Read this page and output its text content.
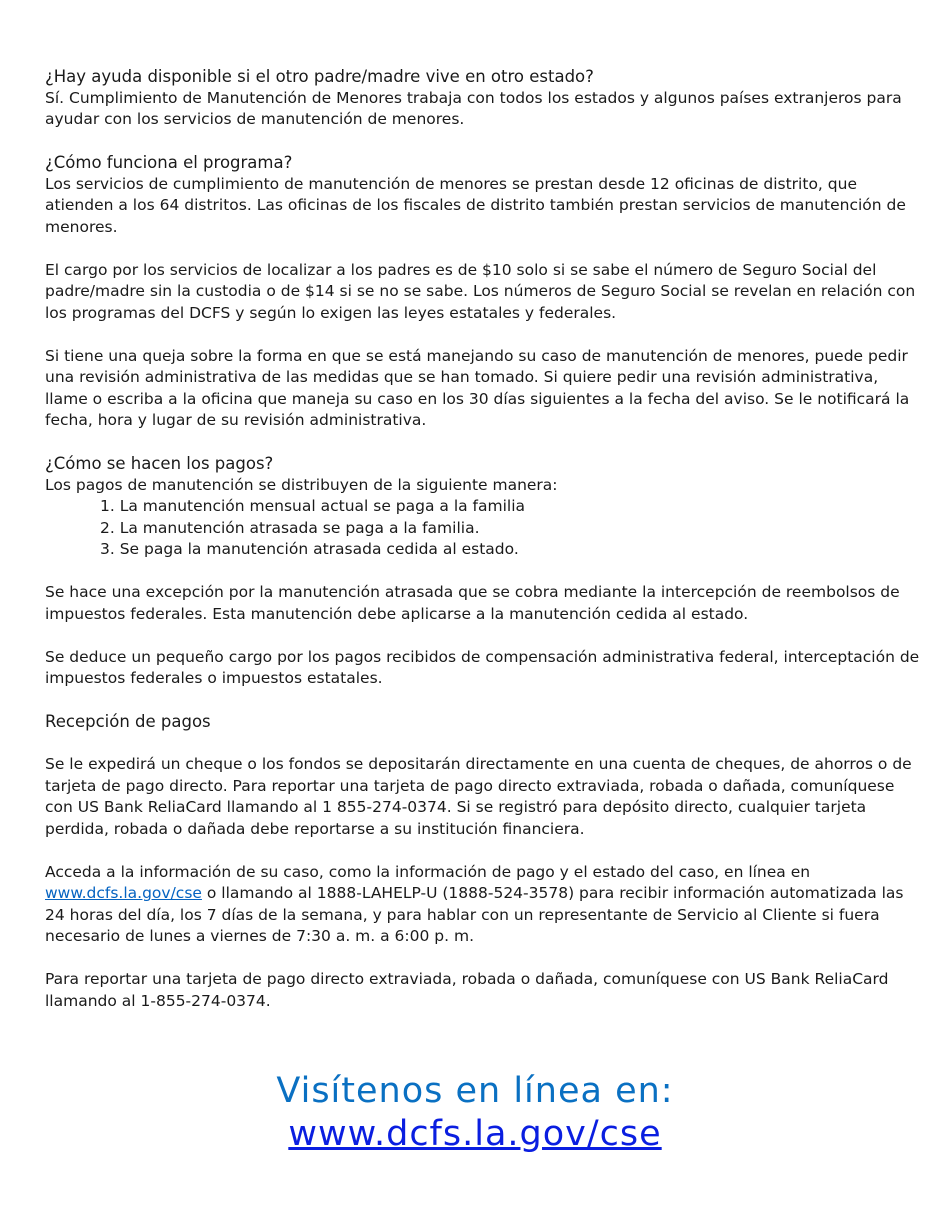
¿Hay ayuda disponible si el otro padre/madre vive en otro estado?

Sí. Cumplimiento de Manutención de Menores trabaja con todos los estados y algunos países extranjeros para ayudar con los servicios de manutención de menores.

¿Cómo funciona el programa?

Los servicios de cumplimiento de manutención de menores se prestan desde 12 oficinas de distrito, que atienden a los 64 distritos. Las oficinas de los fiscales de distrito también prestan servicios de manutención de menores.

El cargo por los servicios de localizar a los padres es de $10 solo si se sabe el número de Seguro Social del padre/madre sin la custodia o de $14 si se no se sabe. Los números de Seguro Social se revelan en relación con los programas del DCFS y según lo exigen las leyes estatales y federales.

Si tiene una queja sobre la forma en que se está manejando su caso de manutención de menores, puede pedir una revisión administrativa de las medidas que se han tomado. Si quiere pedir una revisión administrativa, llame o escriba a la oficina que maneja su caso en los 30 días siguientes a la fecha del aviso. Se le notificará la fecha, hora y lugar de su revisión administrativa.

¿Cómo se hacen los pagos?

Los pagos de manutención se distribuyen de la siguiente manera:

1. La manutención mensual actual se paga a la familia
2. La manutención atrasada se paga a la familia.
3. Se paga la manutención atrasada cedida al estado.

Se hace una excepción por la manutención atrasada que se cobra mediante la intercepción de reembolsos de impuestos federales. Esta manutención debe aplicarse a la manutención cedida al estado.

Se deduce un pequeño cargo por los pagos recibidos de compensación administrativa federal, interceptación de impuestos federales o impuestos estatales.

Recepción de pagos

Se le expedirá un cheque o los fondos se depositarán directamente en una cuenta de cheques, de ahorros o de tarjeta de pago directo. Para reportar una tarjeta de pago directo extraviada, robada o dañada, comuníquese con US Bank ReliaCard llamando al 1 855-274-0374. Si se registró para depósito directo, cualquier tarjeta perdida, robada o dañada debe reportarse a su institución financiera.

Acceda a la información de su caso, como la información de pago y el estado del caso, en línea en www.dcfs.la.gov/cse o llamando al 1888-LAHELP-U (1888-524-3578) para recibir información automatizada las 24 horas del día, los 7 días de la semana, y para hablar con un representante de Servicio al Cliente si fuera necesario de lunes a viernes de 7:30 a. m. a 6:00 p. m.

Para reportar una tarjeta de pago directo extraviada, robada o dañada, comuníquese con US Bank ReliaCard llamando al 1-855-274-0374.

Visítenos en línea en:
www.dcfs.la.gov/cse
